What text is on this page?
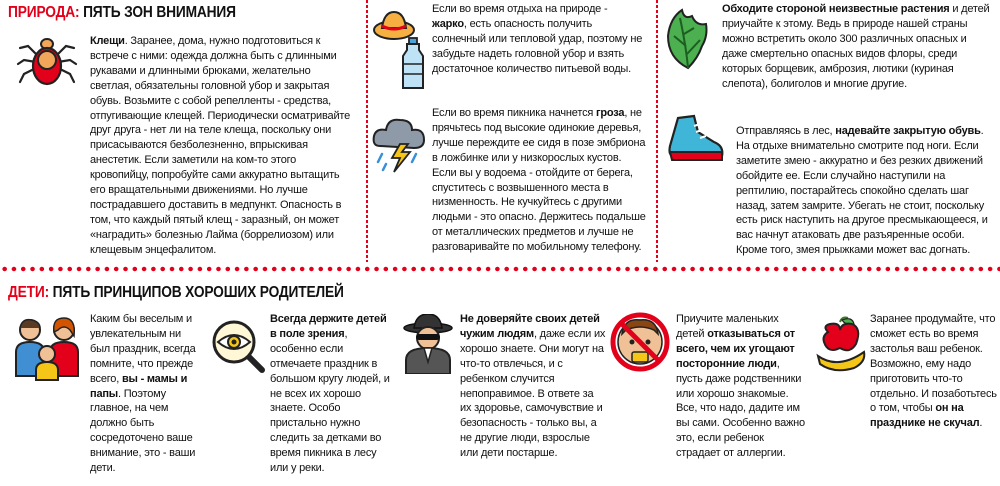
ПРИРОДА: ПЯТЬ ЗОН ВНИМАНИЯ
Клещи. Заранее, дома, нужно подготовиться к встрече с ними: одежда должна быть с длинными рукавами и длинными брюками, желательно светлая, обязательны головной убор и закрытая обувь. Возьмите с собой репелленты - средства, отпугивающие клещей. Периодически осматривайте друг друга - нет ли на теле клеща, поскольку они присасываются безболезненно, впрыскивая анестетик. Если заметили на ком-то этого кровопийцу, попробуйте сами аккуратно вытащить его вращательными движениями. Но лучше пострадавшего доставить в медпункт. Опасность в том, что каждый пятый клещ - заразный, он может «наградить» болезнью Лайма (боррелиозом) или клещевым энцефалитом.
Если во время отдыха на природе - жарко, есть опасность получить солнечный или тепловой удар, поэтому не забудьте надеть головной убор и взять достаточное количество питьевой воды.
Если во время пикника начнется гроза, не прячьтесь под высокие одинокие деревья, лучше переждите ее сидя в позе эмбриона в ложбинке или у низкорослых кустов. Если вы у водоема - отойдите от берега, спуститесь с возвышенного места в низменность. Не кучкуйтесь с другими людьми - это опасно. Держитесь подальше от металлических предметов и лучше не разговаривайте по мобильному телефону.
Обходите стороной неизвестные растения и детей приучайте к этому. Ведь в природе нашей страны можно встретить около 300 различных опасных и даже смертельно опасных видов флоры, среди которых борщевик, амброзия, лютики (куриная слепота), болиголов и многие другие.
Отправляясь в лес, надевайте закрытую обувь. На отдыхе внимательно смотрите под ноги. Если заметите змею - аккуратно и без резких движений обойдите ее. Если случайно наступили на рептилию, постарайтесь спокойно сделать шаг назад, затем замрите. Убегать не стоит, поскольку есть риск наступить на другое пресмыкающееся, и вас начнут атаковать две разъяренные особи. Кроме того, змея прыжками может вас догнать.
ДЕТИ: ПЯТЬ ПРИНЦИПОВ ХОРОШИХ РОДИТЕЛЕЙ
Каким бы веселым и увлекательным ни был праздник, всегда помните, что прежде всего, вы - мамы и папы. Поэтому главное, на чем должно быть сосредоточено ваше внимание, это - ваши дети.
Всегда держите детей в поле зрения, особенно если отмечаете праздник в большом кругу людей, и не всех их хорошо знаете. Особо пристально нужно следить за детками во время пикника в лесу или у реки.
Не доверяйте своих детей чужим людям, даже если их хорошо знаете. Они могут на что-то отвлечься, и с ребенком случится непоправимое. В ответе за их здоровье, самочувствие и безопасность - только вы, а не другие люди, взрослые или дети постарше.
Приучите маленьких детей отказываться от всего, чем их угощают посторонние люди, пусть даже родственники или хорошо знакомые. Все, что надо, дадите им вы сами. Особенно важно это, если ребенок страдает от аллергии.
Заранее продумайте, что сможет есть во время застолья ваш ребенок. Возможно, ему надо приготовить что-то отдельно. И позаботьтесь о том, чтобы он на празднике не скучал.
